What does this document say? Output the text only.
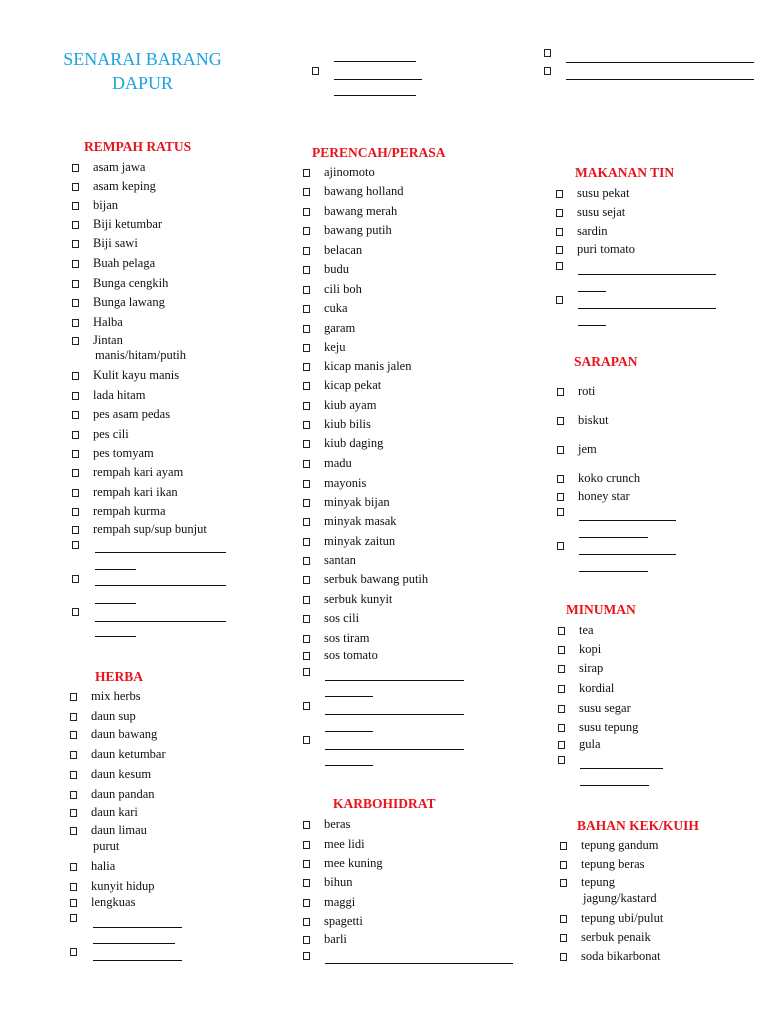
SENARAI BARANG
DAPUR
REMPAH RATUS
asam jawa
asam keping
bijan
Biji ketumbar
Biji sawi
Buah pelaga
Bunga cengkih
Bunga lawang
Halba
Jintan
manis/hitam/putih
Kulit kayu manis
lada hitam
pes asam pedas
pes cili
pes tomyam
rempah kari ayam
rempah kari ikan
rempah kurma
rempah sup/sup bunjut
HERBA
mix herbs
daun sup
daun bawang
daun ketumbar
daun kesum
daun pandan
daun kari
daun limau
purut
halia
kunyit hidup
lengkuas
PERENCAH/PERASA
ajinomoto
bawang holland
bawang merah
bawang putih
belacan
budu
cili boh
cuka
garam
keju
kicap manis jalen
kicap pekat
kiub ayam
kiub bilis
kiub daging
madu
mayonis
minyak bijan
minyak masak
minyak zaitun
santan
serbuk bawang putih
serbuk kunyit
sos cili
sos tiram
sos tomato
KARBOHIDRAT
beras
mee lidi
mee kuning
bihun
maggi
spagetti
barli
MAKANAN TIN
susu pekat
susu sejat
sardin
puri tomato
SARAPAN
roti
biskut
jem
koko crunch
honey star
MINUMAN
tea
kopi
sirap
kordial
susu segar
susu tepung
gula
BAHAN KEK/KUIH
tepung gandum
tepung beras
tepung
jagung/kastard
tepung ubi/pulut
serbuk penaik
soda bikarbonat
